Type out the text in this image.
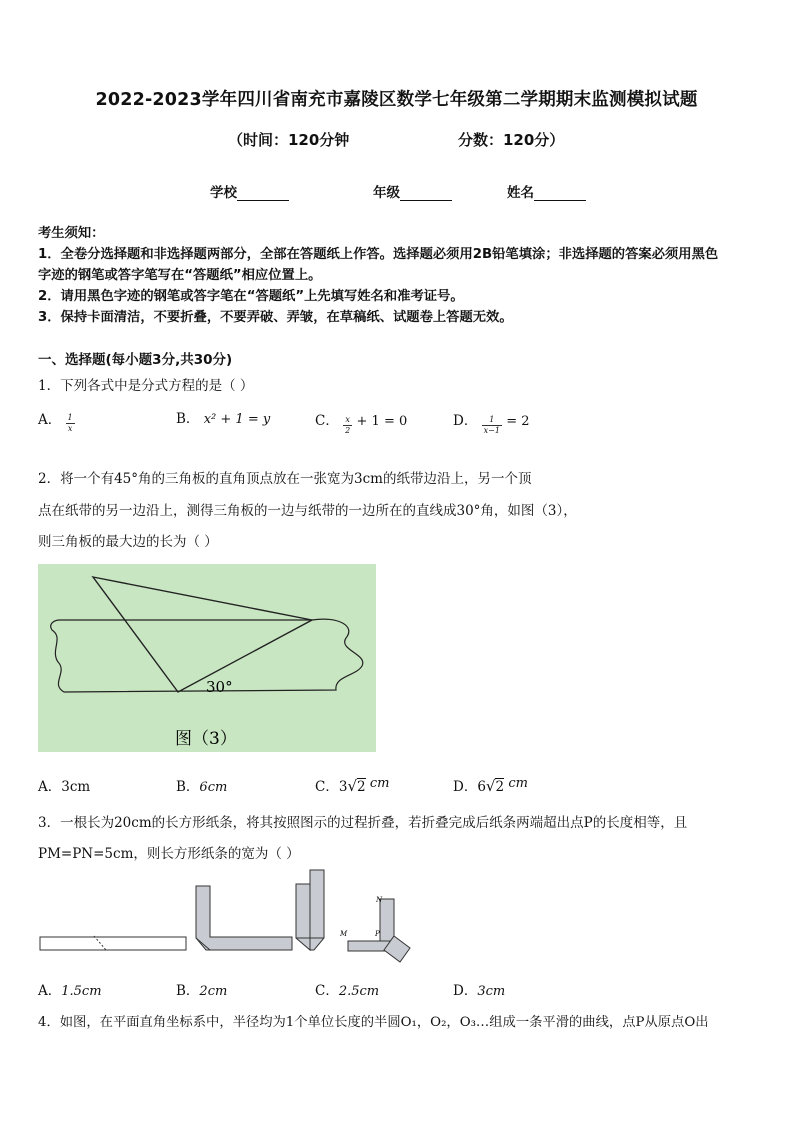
2022-2023学年四川省南充市嘉陵区数学七年级第二学期期末监测模拟试题
（时间：120分钟	分数：120分）
学校	年级	姓名
考生须知：
1．全卷分选择题和非选择题两部分，全部在答题纸上作答。选择题必须用2B铅笔填涂；非选择题的答案必须用黑色
字迹的钢笔或答字笔写在“答题纸”相应位置上。
2．请用黑色字迹的钢笔或答字笔在“答题纸”上先填写姓名和准考证号。
3．保持卡面清洁，不要折叠，不要弄破、弄皱，在草稿纸、试题卷上答题无效。
一、选择题(每小题3分,共30分)
1．下列各式中是分式方程的是（ ）
A． $\frac{1}{x}$	B． x² + 1 = y	C． $\frac{x}{2} + 1 = 0$	D． $\frac{1}{x-1} = 2$
2．将一个有45°角的三角板的直角顶点放在一张宽为3cm的纸带边沿上，另一个顶
点在纸带的另一边沿上，测得三角板的一边与纸带的一边所在的直线成30°角，如图（3），
则三角板的最大边的长为（ ）
30°
图（3）
A．3cm	B．6cm	C．3√2 cm	D．6√2 cm
3．一根长为20cm的长方形纸条，将其按照图示的过程折叠，若折叠完成后纸条两端超出点P的长度相等，且
PM=PN=5cm，则长方形纸条的宽为（ ）
N
M	P
A．1.5cm	B．2cm	C．2.5cm	D．3cm
4．如图，在平面直角坐标系中，半径均为1个单位长度的半圆O₁，O₂，O₃…组成一条平滑的曲线，点P从原点O出
